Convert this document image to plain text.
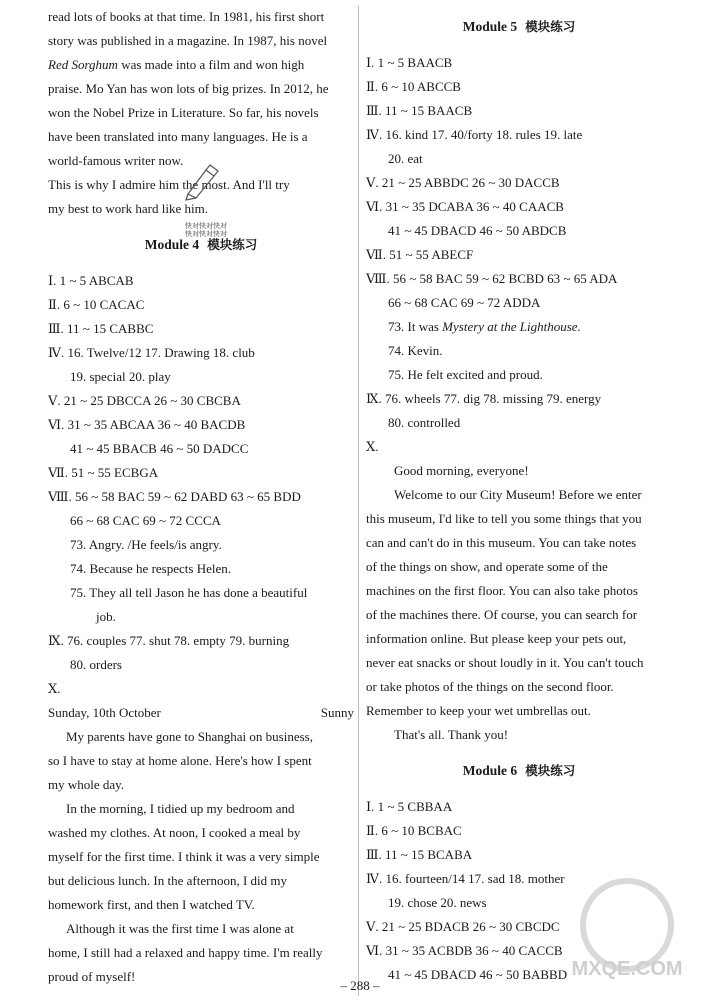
read lots of books at that time. In 1981, his first short
story was published in a magazine. In 1987, his novel
Red Sorghum was made into a film and won high
praise. Mo Yan has won lots of big prizes. In 2012, he
won the Nobel Prize in Literature. So far, his novels
have been translated into many languages. He is a
world-famous writer now.
This is why I admire him the most. And I'll try
my best to work hard like him.
Module 4 模块练习
Ⅰ. 1 ~ 5 ABCAB
Ⅱ. 6 ~ 10 CACAC
Ⅲ. 11 ~ 15 CABBC
Ⅳ. 16. Twelve/12 17. Drawing 18. club
19. special 20. play
Ⅴ. 21 ~ 25 DBCCA 26 ~ 30 CBCBA
Ⅵ. 31 ~ 35 ABCAA 36 ~ 40 BACDB
41 ~ 45 BBACB 46 ~ 50 DADCC
Ⅶ. 51 ~ 55 ECBGA
Ⅷ. 56 ~ 58 BAC 59 ~ 62 DABD 63 ~ 65 BDD
66 ~ 68 CAC 69 ~ 72 CCCA
73. Angry. /He feels/is angry.
74. Because he respects Helen.
75. They all tell Jason he has done a beautiful
job.
Ⅸ. 76. couples 77. shut 78. empty 79. burning
80. orders
Ⅹ.
Sunday, 10th October	Sunny
My parents have gone to Shanghai on business,
so I have to stay at home alone. Here's how I spent
my whole day.
In the morning, I tidied up my bedroom and
washed my clothes. At noon, I cooked a meal by
myself for the first time. I think it was a very simple
but delicious lunch. In the afternoon, I did my
homework first, and then I watched TV.
Although it was the first time I was alone at
home, I still had a relaxed and happy time. I'm really
proud of myself!
快对快对快对
快对快对快对
Module 5 模块练习
Ⅰ. 1 ~ 5 BAACB
Ⅱ. 6 ~ 10 ABCCB
Ⅲ. 11 ~ 15 BAACB
Ⅳ. 16. kind 17. 40/forty 18. rules 19. late
20. eat
Ⅴ. 21 ~ 25 ABBDC 26 ~ 30 DACCB
Ⅵ. 31 ~ 35 DCABA 36 ~ 40 CAACB
41 ~ 45 DBACD 46 ~ 50 ABDCB
Ⅶ. 51 ~ 55 ABECF
Ⅷ. 56 ~ 58 BAC 59 ~ 62 BCBD 63 ~ 65 ADA
66 ~ 68 CAC 69 ~ 72 ADDA
73. It was Mystery at the Lighthouse.
74. Kevin.
75. He felt excited and proud.
Ⅸ. 76. wheels 77. dig 78. missing 79. energy
80. controlled
Ⅹ.
Good morning, everyone!
Welcome to our City Museum! Before we enter
this museum, I'd like to tell you some things that you
can and can't do in this museum. You can take notes
of the things on show, and operate some of the
machines on the first floor. You can also take photos
of the machines there. Of course, you can search for
information online. But please keep your pets out,
never eat snacks or shout loudly in it. You can't touch
or take photos of the things on the second floor.
Remember to keep your wet umbrellas out.
That's all. Thank you!
Module 6 模块练习
Ⅰ. 1 ~ 5 CBBAA
Ⅱ. 6 ~ 10 BCBAC
Ⅲ. 11 ~ 15 BCABA
Ⅳ. 16. fourteen/14 17. sad 18. mother
19. chose 20. news
Ⅴ. 21 ~ 25 BDACB 26 ~ 30 CBCDC
Ⅵ. 31 ~ 35 ACBDB 36 ~ 40 CACCB
41 ~ 45 DBACD 46 ~ 50 BABBD MXQE.COM
– 288 –
